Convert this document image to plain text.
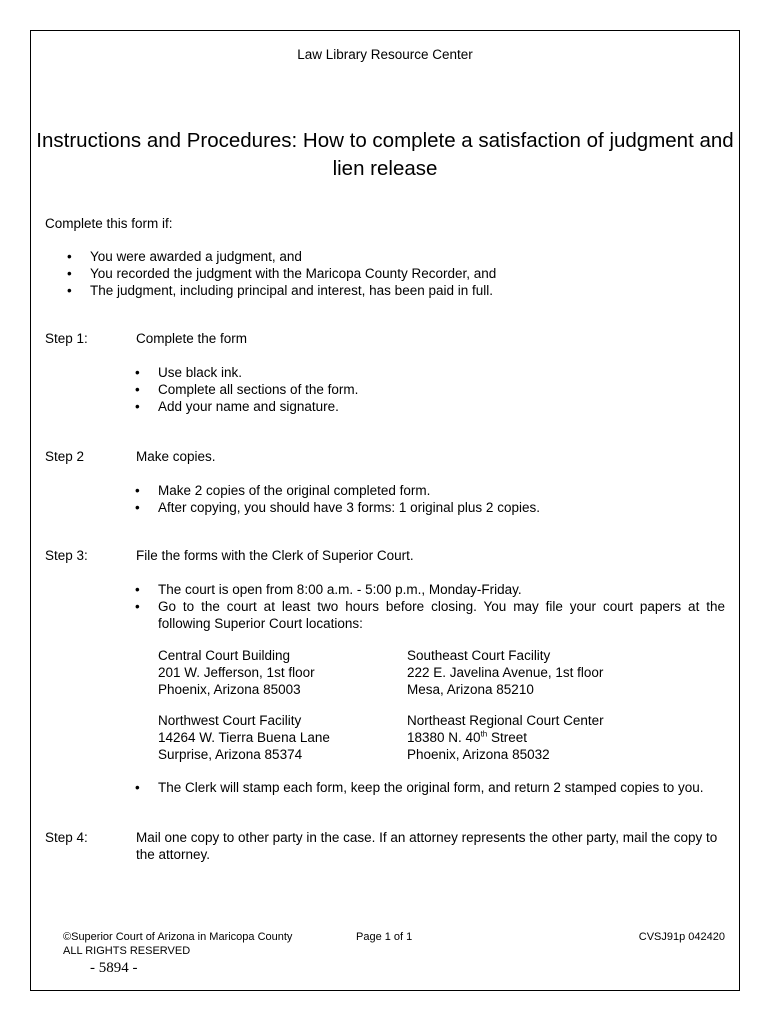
Law Library Resource Center
Instructions and Procedures: How to complete a satisfaction of judgment and lien release
Complete this form if:
• You were awarded a judgment, and
• You recorded the judgment with the Maricopa County Recorder, and
• The judgment, including principal and interest, has been paid in full.
Step 1:	Complete the form
• Use black ink.
• Complete all sections of the form.
• Add your name and signature.
Step 2	Make copies.
• Make 2 copies of the original completed form.
• After copying, you should have 3 forms: 1 original plus 2 copies.
Step 3:	File the forms with the Clerk of Superior Court.
• The court is open from 8:00 a.m. - 5:00 p.m., Monday-Friday.
• Go to the court at least two hours before closing. You may file your court papers at the following Superior Court locations:
Central Court Building
201 W. Jefferson, 1st floor
Phoenix, Arizona 85003
Southeast Court Facility
222 E. Javelina Avenue, 1st floor
Mesa, Arizona 85210
Northwest Court Facility
14264 W. Tierra Buena Lane
Surprise, Arizona 85374
Northeast Regional Court Center
18380 N. 40th Street
Phoenix, Arizona 85032
• The Clerk will stamp each form, keep the original form, and return 2 stamped copies to you.
Step 4:	Mail one copy to other party in the case. If an attorney represents the other party, mail the copy to the attorney.
©Superior Court of Arizona in Maricopa County
ALL RIGHTS RESERVED
Page 1 of 1	CVSJ91p 042420
- 5894 -
